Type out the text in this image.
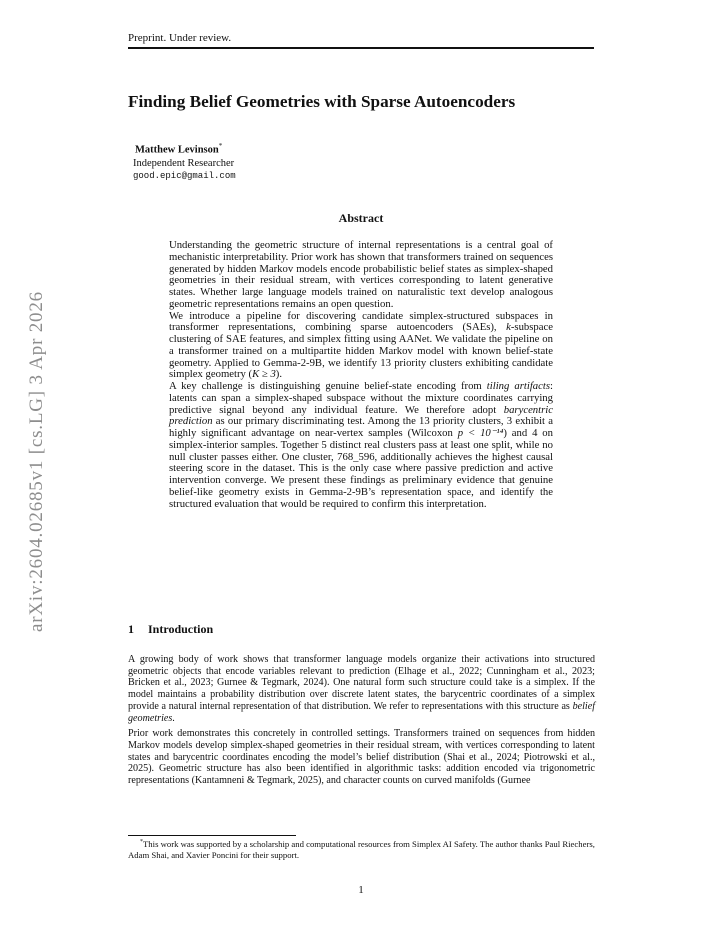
arXiv:2604.02685v1 [cs.LG] 3 Apr 2026
Preprint. Under review.
Finding Belief Geometries with Sparse Autoencoders
Matthew Levinson*
Independent Researcher
good.epic@gmail.com
Abstract

Understanding the geometric structure of internal representations is a central goal of mechanistic interpretability. Prior work has shown that transformers trained on sequences generated by hidden Markov models encode probabilistic belief states as simplex-shaped geometries in their residual stream, with vertices corresponding to latent generative states. Whether large language models trained on naturalistic text develop analogous geometric representations remains an open question.

We introduce a pipeline for discovering candidate simplex-structured subspaces in transformer representations, combining sparse autoencoders (SAEs), k-subspace clustering of SAE features, and simplex fitting using AANet. We validate the pipeline on a transformer trained on a multipartite hidden Markov model with known belief-state geometry. Applied to Gemma-2-9B, we identify 13 priority clusters exhibiting candidate simplex geometry (K ≥ 3).

A key challenge is distinguishing genuine belief-state encoding from tiling artifacts: latents can span a simplex-shaped subspace without the mixture coordinates carrying predictive signal beyond any individual feature. We therefore adopt barycentric prediction as our primary discriminating test. Among the 13 priority clusters, 3 exhibit a highly significant advantage on near-vertex samples (Wilcoxon p < 10⁻¹⁴) and 4 on simplex-interior samples. Together 5 distinct real clusters pass at least one split, while no null cluster passes either. One cluster, 768_596, additionally achieves the highest causal steering score in the dataset. This is the only case where passive prediction and active intervention converge. We present these findings as preliminary evidence that genuine belief-like geometry exists in Gemma-2-9B’s representation space, and identify the structured evaluation that would be required to confirm this interpretation.

1 Introduction

A growing body of work shows that transformer language models organize their activations into structured geometric objects that encode variables relevant to prediction (Elhage et al., 2022; Cunningham et al., 2023; Bricken et al., 2023; Gurnee & Tegmark, 2024). One natural form such structure could take is a simplex. If the model maintains a probability distribution over discrete latent states, the barycentric coordinates of a simplex provide a natural internal representation of that distribution. We refer to representations with this structure as belief geometries.

Prior work demonstrates this concretely in controlled settings. Transformers trained on sequences from hidden Markov models develop simplex-shaped geometries in their residual stream, with vertices corresponding to latent states and barycentric coordinates encoding the model’s belief distribution (Shai et al., 2024; Piotrowski et al., 2025). Geometric structure has also been identified in algorithmic tasks: addition encoded via trigonometric representations (Kantamneni & Tegmark, 2025), and character counts on curved manifolds (Gurnee

*This work was supported by a scholarship and computational resources from Simplex AI Safety. The author thanks Paul Riechers, Adam Shai, and Xavier Poncini for their support.
1
